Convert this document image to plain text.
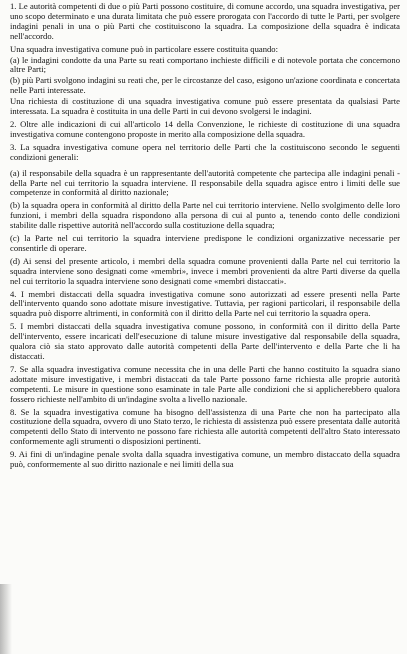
1. Le autorità competenti di due o più Parti possono costituire, di comune accordo, una squadra investigativa, per uno scopo determinato e una durata limitata che può essere prorogata con l'accordo di tutte le Parti, per svolgere indagini penali in una o più Parti che costituiscono la squadra. La composizione della squadra è indicata nell'accordo.

Una squadra investigativa comune può in particolare essere costituita quando:

(a) le indagini condotte da una Parte su reati comportano inchieste difficili e di notevole portata che concernono altre Parti;

(b) più Parti svolgono indagini su reati che, per le circostanze del caso, esigono un'azione coordinata e concertata nelle Parti interessate.

Una richiesta di costituzione di una squadra investigativa comune può essere presentata da qualsiasi Parte interessata. La squadra è costituita in una delle Parti in cui devono svolgersi le indagini.

2. Oltre alle indicazioni di cui all'articolo 14 della Convenzione, le richieste di costituzione di una squadra investigativa comune contengono proposte in merito alla composizione della squadra.

3. La squadra investigativa comune opera nel territorio delle Parti che la costituiscono secondo le seguenti condizioni generali:

(a) il responsabile della squadra è un rappresentante dell'autorità competente che partecipa alle indagini penali - della Parte nel cui territorio la squadra interviene. Il responsabile della squadra agisce entro i limiti delle sue competenze in conformità al diritto nazionale;

(b) la squadra opera in conformità al diritto della Parte nel cui territorio interviene. Nello svolgimento delle loro funzioni, i membri della squadra rispondono alla persona di cui al punto a, tenendo conto delle condizioni stabilite dalle rispettive autorità nell'accordo sulla costituzione della squadra;

(c) la Parte nel cui territorio la squadra interviene predispone le condizioni organizzative necessarie per consentirle di operare.

(d) Ai sensi del presente articolo, i membri della squadra comune provenienti dalla Parte nel cui territorio la squadra interviene sono designati come «membri», invece i membri provenienti da altre Parti diverse da quella nel cui territorio la squadra interviene sono designati come «membri distaccati».

4. I membri distaccati della squadra investigativa comune sono autorizzati ad essere presenti nella Parte dell'intervento quando sono adottate misure investigative. Tuttavia, per ragioni particolari, il responsabile della squadra può disporre altrimenti, in conformità con il diritto della Parte nel cui territorio la squadra opera.

5. I membri distaccati della squadra investigativa comune possono, in conformità con il diritto della Parte dell'intervento, essere incaricati dell'esecuzione di talune misure investigative dal responsabile della squadra, qualora ciò sia stato approvato dalle autorità competenti della Parte dell'intervento e della Parte che li ha distaccati.

7. Se alla squadra investigativa comune necessita che in una delle Parti che hanno costituito la squadra siano adottate misure investigative, i membri distaccati da tale Parte possono farne richiesta alle proprie autorità competenti. Le misure in questione sono esaminate in tale Parte alle condizioni che si applicherebbero qualora fossero richieste nell'ambito di un'indagine svolta a livello nazionale.

8. Se la squadra investigativa comune ha bisogno dell'assistenza di una Parte che non ha partecipato alla costituzione della squadra, ovvero di uno Stato terzo, le richiesta di assistenza può essere presentata dalle autorità competenti dello Stato di intervento ne possono fare richiesta alle autorità competenti dell'altro Stato interessato conformemente agli strumenti o disposizioni pertinenti.

9. Ai fini di un'indagine penale svolta dalla squadra investigativa comune, un membro distaccato della squadra può, conformemente al suo diritto nazionale e nei limiti della sua
